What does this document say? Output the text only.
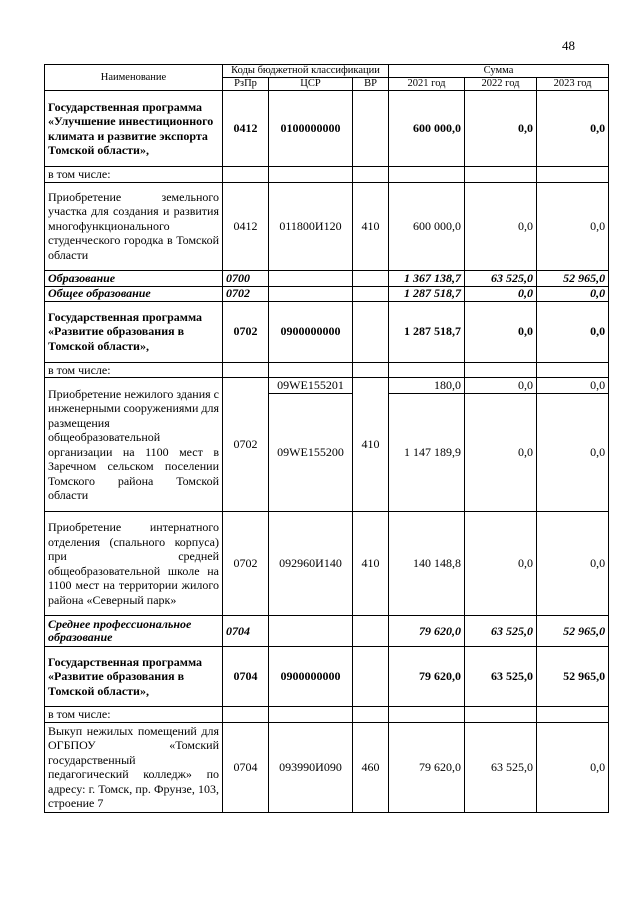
48
Наименование	Коды бюджетной классификации			Сумма		
	РзПр	ЦСР	ВР	2021 год	2022 год	2023 год
Государственная программа «Улучшение инвестиционного климата и развитие экспорта Томской области»,	0412	0100000000		600 000,0	0,0	0,0
в том числе:						
Приобретение земельного участка для создания и развития многофункционального студенческого городка в Томской области	0412	011800И120	410	600 000,0	0,0	0,0
Образование	0700			1 367 138,7	63 525,0	52 965,0
Общее образование	0702			1 287 518,7	0,0	0,0
Государственная программа «Развитие образования в Томской области»,	0702	0900000000		1 287 518,7	0,0	0,0
в том числе:						
Приобретение нежилого здания с инженерными сооружениями для размещения общеобразовательной организации на 1100 мест в Заречном сельском поселении Томского района Томской области	0702	09WE155201	410	180,0	0,0	0,0
		09WE155200		1 147 189,9	0,0	0,0
Приобретение интернатного отделения (спального корпуса) при средней общеобразовательной школе на 1100 мест на территории жилого района «Северный парк»	0702	092960И140	410	140 148,8	0,0	0,0
Среднее профессиональное образование	0704			79 620,0	63 525,0	52 965,0
Государственная программа «Развитие образования в Томской области»,	0704	0900000000		79 620,0	63 525,0	52 965,0
в том числе:						
Выкуп нежилых помещений для ОГБПОУ «Томский государственный педагогический колледж» по адресу: г. Томск, пр. Фрунзе, 103, строение 7	0704	093990И090	460	79 620,0	63 525,0	0,0
